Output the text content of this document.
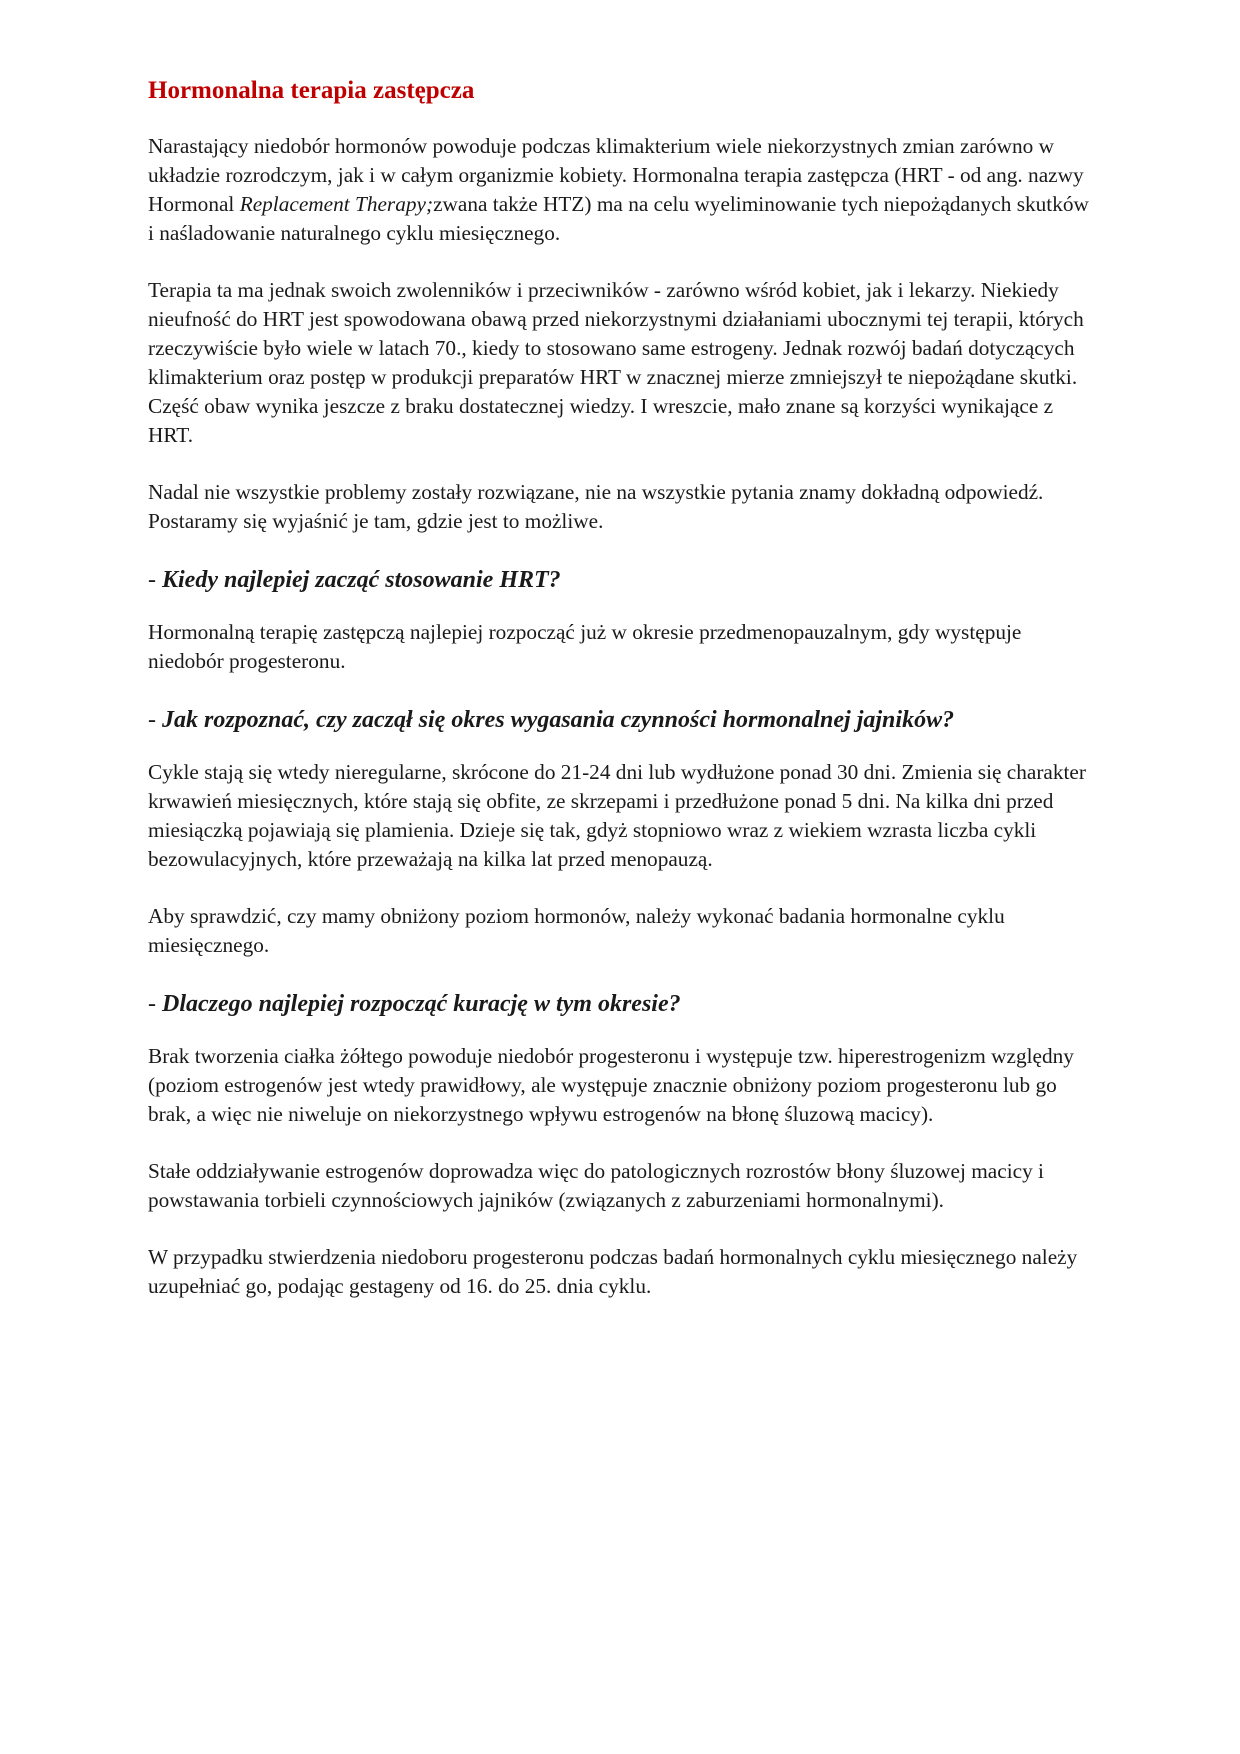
Hormonalna terapia zastępcza

Narastający niedobór hormonów powoduje podczas klimakterium wiele niekorzystnych zmian zarówno w układzie rozrodczym, jak i w całym organizmie kobiety. Hormonalna terapia zastępcza (HRT - od ang. nazwy Hormonal Replacement Therapy;zwana także HTZ) ma na celu wyeliminowanie tych niepożądanych skutków i naśladowanie naturalnego cyklu miesięcznego.

Terapia ta ma jednak swoich zwolenników i przeciwników - zarówno wśród kobiet, jak i lekarzy. Niekiedy nieufność do HRT jest spowodowana obawą przed niekorzystnymi działaniami ubocznymi tej terapii, których rzeczywiście było wiele w latach 70., kiedy to stosowano same estrogeny. Jednak rozwój badań dotyczących klimakterium oraz postęp w produkcji preparatów HRT w znacznej mierze zmniejszył te niepożądane skutki. Część obaw wynika jeszcze z braku dostatecznej wiedzy. I wreszcie, mało znane są korzyści wynikające z HRT.

Nadal nie wszystkie problemy zostały rozwiązane, nie na wszystkie pytania znamy dokładną odpowiedź. Postaramy się wyjaśnić je tam, gdzie jest to możliwe.

- Kiedy najlepiej zacząć stosowanie HRT?

Hormonalną terapię zastępczą najlepiej rozpocząć już w okresie przedmenopauzalnym, gdy występuje niedobór progesteronu.

- Jak rozpoznać, czy zaczął się okres wygasania czynności hormonalnej jajników?

Cykle stają się wtedy nieregularne, skrócone do 21-24 dni lub wydłużone ponad 30 dni. Zmienia się charakter krwawień miesięcznych, które stają się obfite, ze skrzepami i przedłużone ponad 5 dni. Na kilka dni przed miesiączką pojawiają się plamienia. Dzieje się tak, gdyż stopniowo wraz z wiekiem wzrasta liczba cykli bezowulacyjnych, które przeważają na kilka lat przed menopauzą.

Aby sprawdzić, czy mamy obniżony poziom hormonów, należy wykonać badania hormonalne cyklu miesięcznego.

- Dlaczego najlepiej rozpocząć kurację w tym okresie?

Brak tworzenia ciałka żółtego powoduje niedobór progesteronu i występuje tzw. hiperestrogenizm względny (poziom estrogenów jest wtedy prawidłowy, ale występuje znacznie obniżony poziom progesteronu lub go brak, a więc nie niweluje on niekorzystnego wpływu estrogenów na błonę śluzową macicy).

Stałe oddziaływanie estrogenów doprowadza więc do patologicznych rozrostów błony śluzowej macicy i powstawania torbieli czynnościowych jajników (związanych z zaburzeniami hormonalnymi).

W przypadku stwierdzenia niedoboru progesteronu podczas badań hormonalnych cyklu miesięcznego należy uzupełniać go, podając gestageny od 16. do 25. dnia cyklu.
